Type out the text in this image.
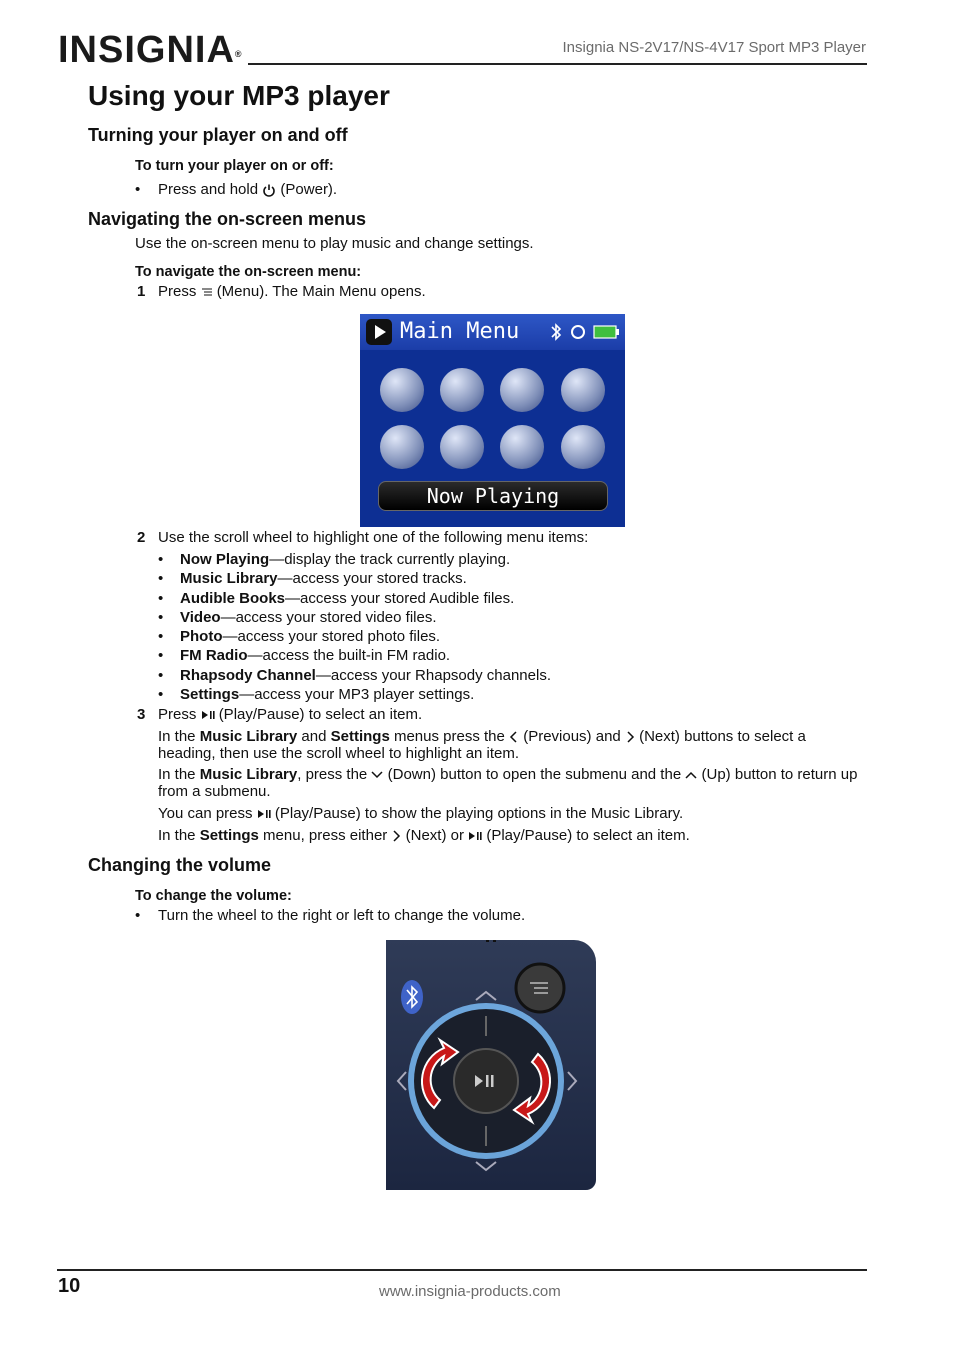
INSIGNIA®	Insignia NS-2V17/NS-4V17 Sport MP3 Player
Using your MP3 player
Turning your player on and off
To turn your player on or off:
• Press and hold (Power).
Navigating the on-screen menus
Use the on-screen menu to play music and change settings.
To navigate the on-screen menu:
1 Press (Menu). The Main Menu opens.
Main Menu
Now Playing
2 Use the scroll wheel to highlight one of the following menu items:
• Now Playing—display the track currently playing.
• Music Library—access your stored tracks.
• Audible Books—access your stored Audible files.
• Video—access your stored video files.
• Photo—access your stored photo files.
• FM Radio—access the built-in FM radio.
• Rhapsody Channel—access your Rhapsody channels.
• Settings—access your MP3 player settings.
3 Press (Play/Pause) to select an item.
In the Music Library and Settings menus press the (Previous) and (Next) buttons to select a
heading, then use the scroll wheel to highlight an item.
In the Music Library, press the (Down) button to open the submenu and the (Up) button to return up
from a submenu.
You can press (Play/Pause) to show the playing options in the Music Library.
In the Settings menu, press either (Next) or (Play/Pause) to select an item.
Changing the volume
To change the volume:
• Turn the wheel to the right or left to change the volume.
10	www.insignia-products.com
